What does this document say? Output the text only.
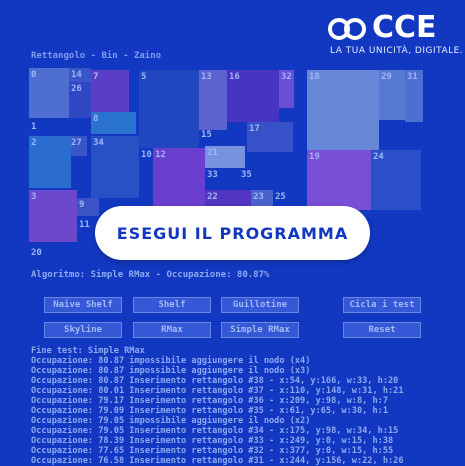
CCE
LA TUA UNICITÀ, DIGITALE.
Rettangolo - Bin - Zaino
0	14 7	5	13 16	32 18	29 31
26
8
1
15
17
2	27 34
10 12	21	19	24
33	35
3
9
22	23 25
11
20
ESEGUI IL PROGRAMMA
Algoritmo: Simple RMax - Occupazione: 80.87%
Naive Shelf	Shelf	Guillotine	Cicla i test
Skyline	RMax	Simple RMax	Reset
Fine test: Simple RMax
Occupazione: 80.87 impossibile aggiungere il nodo (x4)
Occupazione: 80.87 impossibile aggiungere il nodo (x3)
Occupazione: 80.87 Inserimento rettangolo #38 - x:54, y:166, w:33, h:20
Occupazione: 80.01 Inserimento rettangolo #37 - x:110, y:148, w:31, h:21
Occupazione: 79.17 Inserimento rettangolo #36 - x:209, y:98, w:8, h:7
Occupazione: 79.09 Inserimento rettangolo #35 - x:61, y:65, w:30, h:1
Occupazione: 79.05 impossibile aggiungere il nodo (x2)
Occupazione: 79.05 Inserimento rettangolo #34 - x:175, y:98, w:34, h:15
Occupazione: 78.39 Inserimento rettangolo #33 - x:249, y:0, w:15, h:38
Occupazione: 77.65 Inserimento rettangolo #32 - x:377, y:0, w:15, h:55
Occupazione: 76.58 Inserimento rettangolo #31 - x:244, y:156, w:22, h:26
